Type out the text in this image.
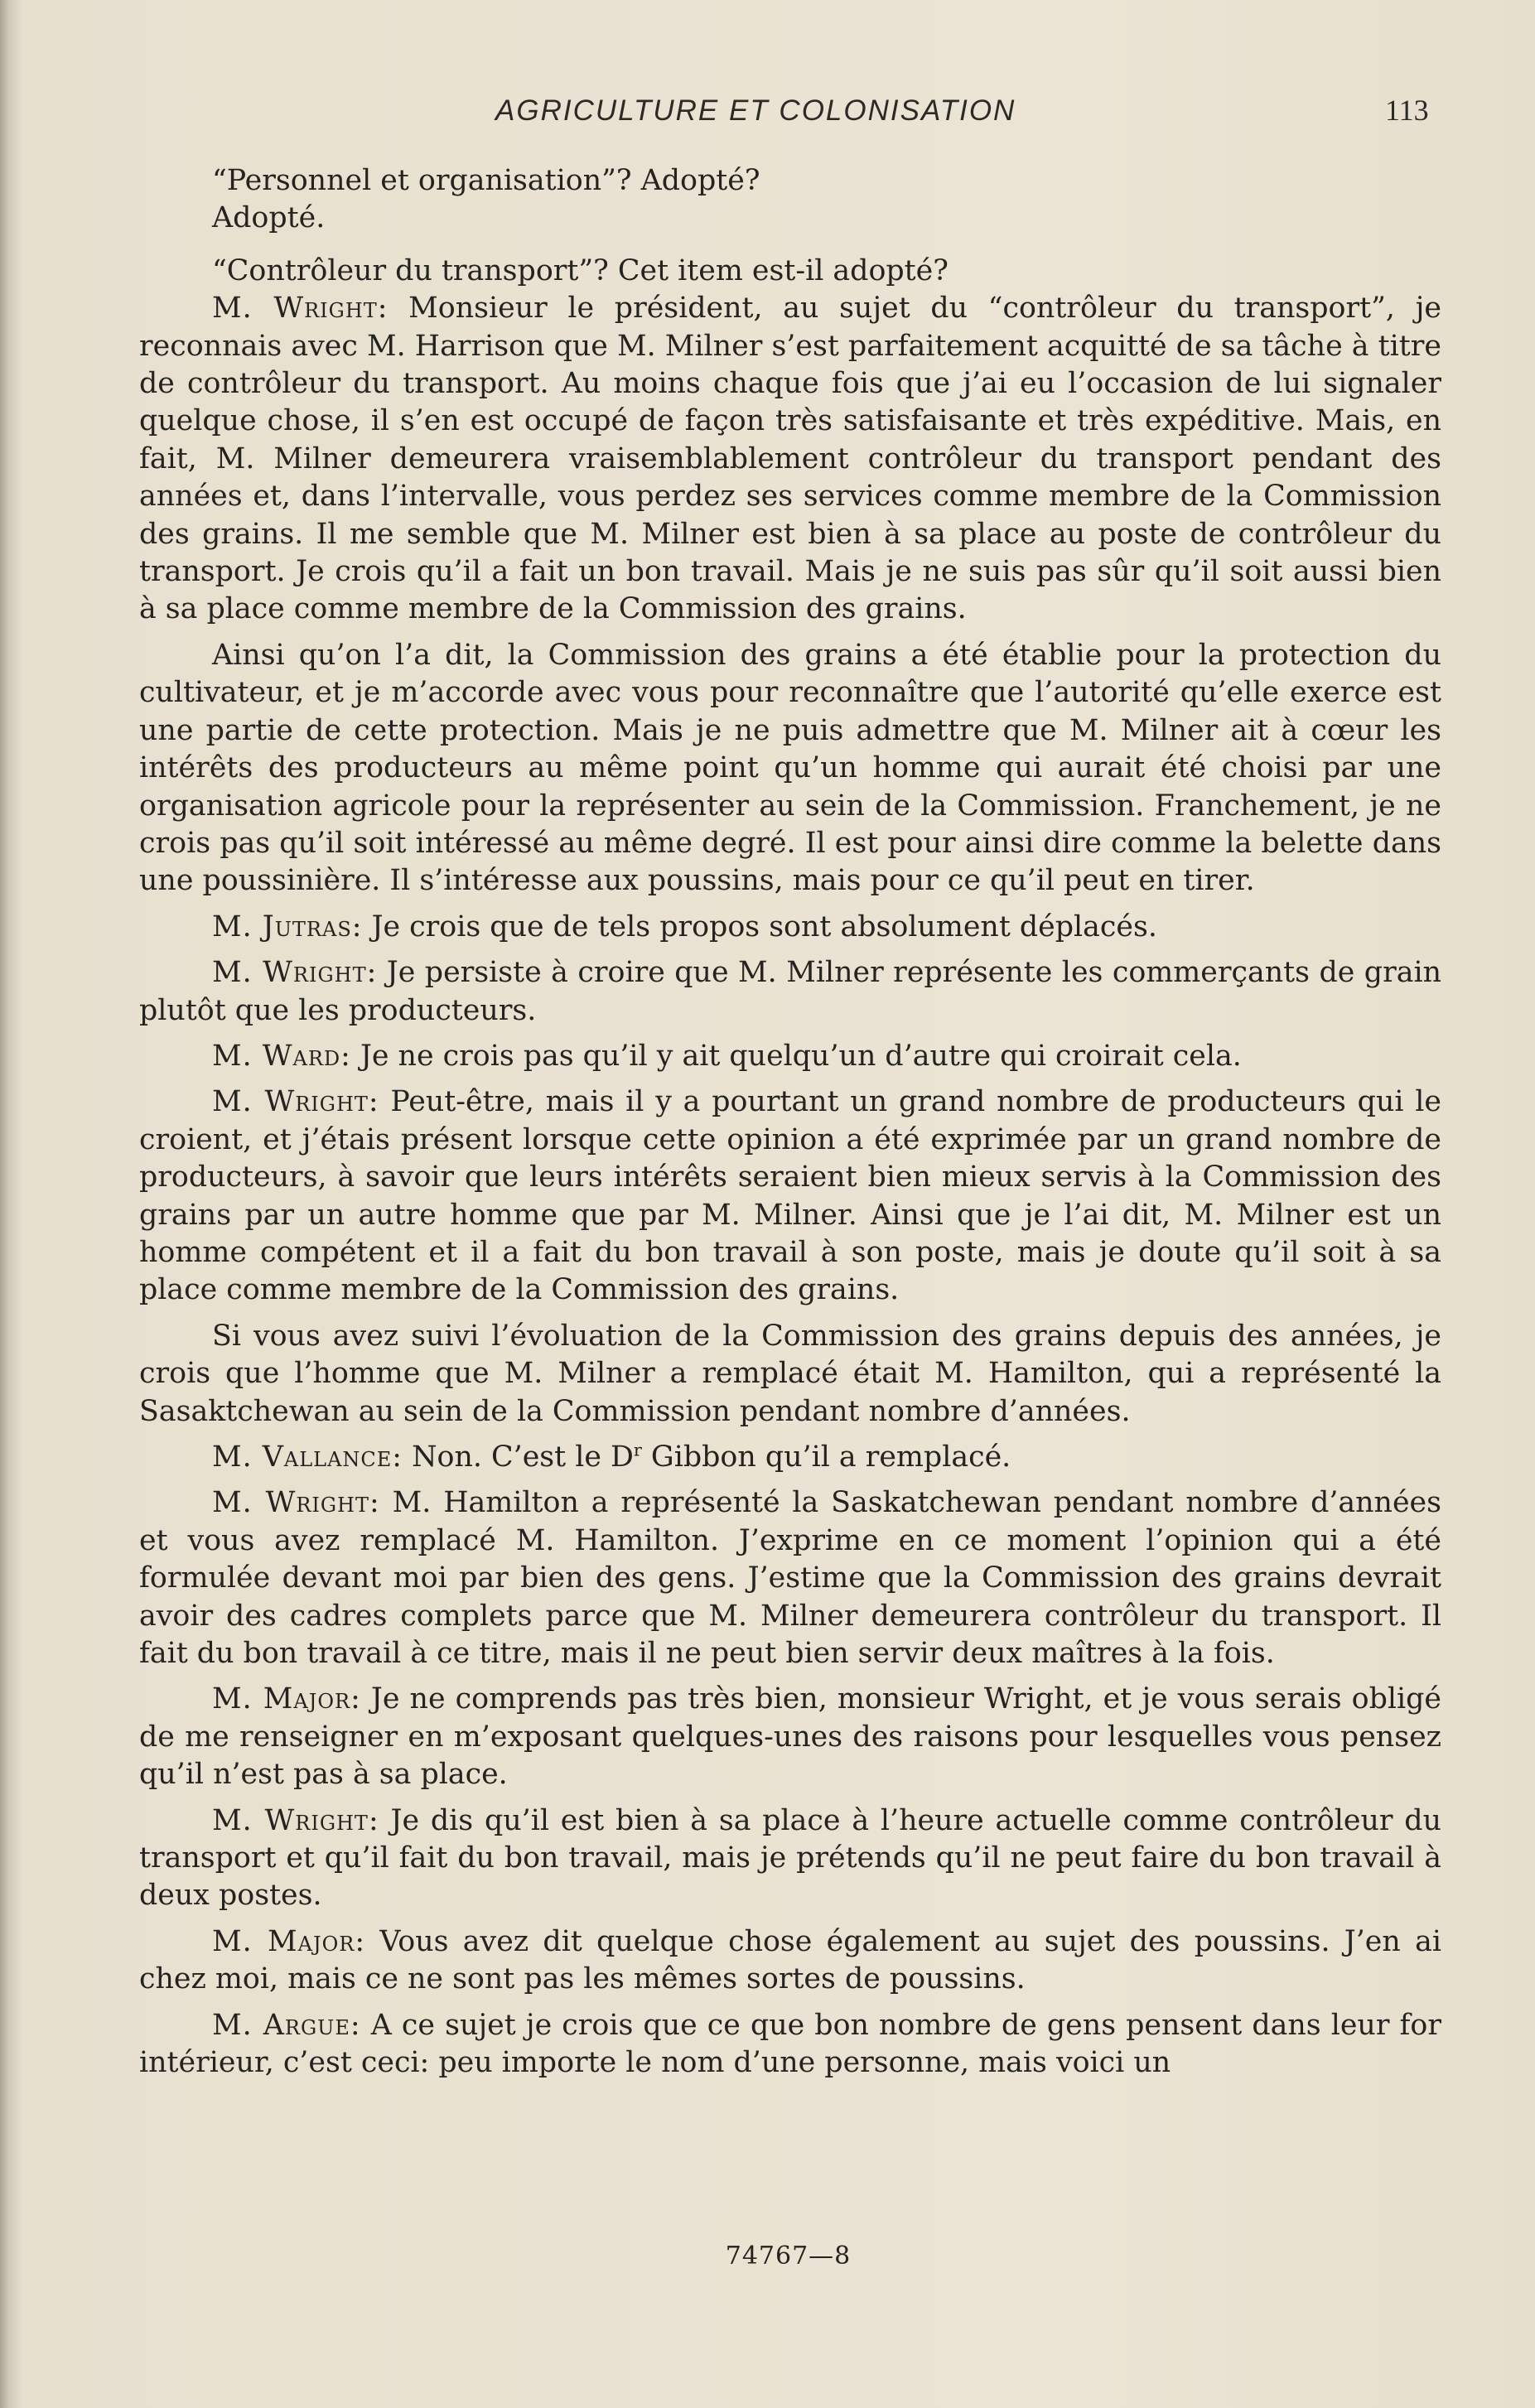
AGRICULTURE ET COLONISATION	113

“Personnel et organisation”? Adopté?

Adopté.

“Contrôleur du transport”? Cet item est-il adopté?

M. Wright: Monsieur le président, au sujet du “contrôleur du transport”, je reconnais avec M. Harrison que M. Milner s’est parfaitement acquitté de sa tâche à titre de contrôleur du transport. Au moins chaque fois que j’ai eu l’occasion de lui signaler quelque chose, il s’en est occupé de façon très satisfaisante et très expéditive. Mais, en fait, M. Milner demeurera vraisemblablement contrôleur du transport pendant des années et, dans l’intervalle, vous perdez ses services comme membre de la Commission des grains. Il me semble que M. Milner est bien à sa place au poste de contrôleur du transport. Je crois qu’il a fait un bon travail. Mais je ne suis pas sûr qu’il soit aussi bien à sa place comme membre de la Commission des grains.

Ainsi qu’on l’a dit, la Commission des grains a été établie pour la protection du cultivateur, et je m’accorde avec vous pour reconnaître que l’autorité qu’elle exerce est une partie de cette protection. Mais je ne puis admettre que M. Milner ait à cœur les intérêts des producteurs au même point qu’un homme qui aurait été choisi par une organisation agricole pour la représenter au sein de la Commission. Franchement, je ne crois pas qu’il soit intéressé au même degré. Il est pour ainsi dire comme la belette dans une poussinière. Il s’intéresse aux poussins, mais pour ce qu’il peut en tirer.

M. Jutras: Je crois que de tels propos sont absolument déplacés.

M. Wright: Je persiste à croire que M. Milner représente les commerçants de grain plutôt que les producteurs.

M. Ward: Je ne crois pas qu’il y ait quelqu’un d’autre qui croirait cela.

M. Wright: Peut-être, mais il y a pourtant un grand nombre de producteurs qui le croient, et j’étais présent lorsque cette opinion a été exprimée par un grand nombre de producteurs, à savoir que leurs intérêts seraient bien mieux servis à la Commission des grains par un autre homme que par M. Milner. Ainsi que je l’ai dit, M. Milner est un homme compétent et il a fait du bon travail à son poste, mais je doute qu’il soit à sa place comme membre de la Commission des grains.

Si vous avez suivi l’évoluation de la Commission des grains depuis des années, je crois que l’homme que M. Milner a remplacé était M. Hamilton, qui a représenté la Sasaktchewan au sein de la Commission pendant nombre d’années.

M. Vallance: Non. C’est le $D^r$ Gibbon qu’il a remplacé.

M. Wright: M. Hamilton a représenté la Saskatchewan pendant nombre d’années et vous avez remplacé M. Hamilton. J’exprime en ce moment l’opinion qui a été formulée devant moi par bien des gens. J’estime que la Commission des grains devrait avoir des cadres complets parce que M. Milner demeurera contrôleur du transport. Il fait du bon travail à ce titre, mais il ne peut bien servir deux maîtres à la fois.

M. Major: Je ne comprends pas très bien, monsieur Wright, et je vous serais obligé de me renseigner en m’exposant quelques-unes des raisons pour lesquelles vous pensez qu’il n’est pas à sa place.

M. Wright: Je dis qu’il est bien à sa place à l’heure actuelle comme contrôleur du transport et qu’il fait du bon travail, mais je prétends qu’il ne peut faire du bon travail à deux postes.

M. Major: Vous avez dit quelque chose également au sujet des poussins. J’en ai chez moi, mais ce ne sont pas les mêmes sortes de poussins.

M. Argue: A ce sujet je crois que ce que bon nombre de gens pensent dans leur for intérieur, c’est ceci: peu importe le nom d’une personne, mais voici un

74767—8
